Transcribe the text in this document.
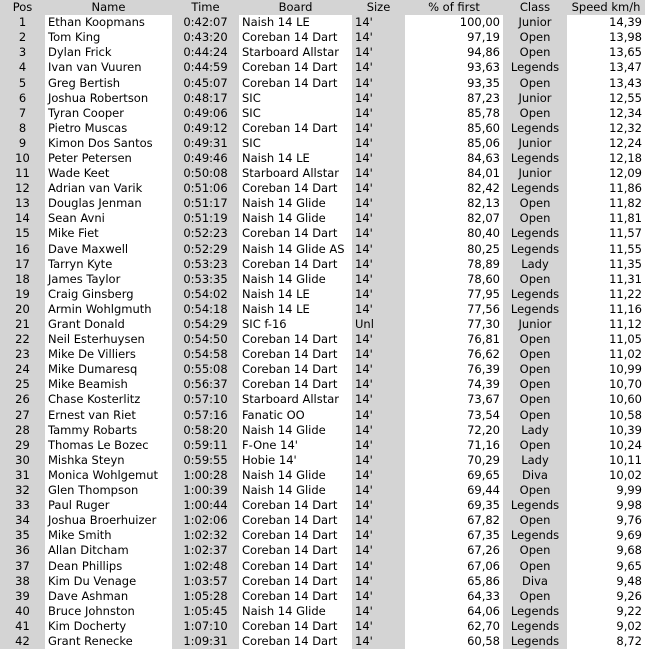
Pos	Name	Time	Board	Size	% of first	Class	Speed km/h
1	Ethan Koopmans	0:42:07	Naish 14 LE	14'	100,00	Junior	14,39
2	Tom King	0:43:20	Coreban 14 Dart	14'	97,19	Open	13,98
3	Dylan Frick	0:44:24	Starboard Allstar	14'	94,86	Open	13,65
4	Ivan van Vuuren	0:44:59	Coreban 14 Dart	14'	93,63	Legends	13,47
5	Greg Bertish	0:45:07	Coreban 14 Dart	14'	93,35	Open	13,43
6	Joshua Robertson	0:48:17	SIC	14'	87,23	Junior	12,55
7	Tyran Cooper	0:49:06	SIC	14'	85,78	Open	12,34
8	Pietro Muscas	0:49:12	Coreban 14 Dart	14'	85,60	Legends	12,32
9	Kimon Dos Santos	0:49:31	SIC	14'	85,06	Junior	12,24
10	Peter Petersen	0:49:46	Naish 14 LE	14'	84,63	Legends	12,18
11	Wade Keet	0:50:08	Starboard Allstar	14'	84,01	Junior	12,09
12	Adrian van Varik	0:51:06	Coreban 14 Dart	14'	82,42	Legends	11,86
13	Douglas Jenman	0:51:17	Naish 14 Glide	14'	82,13	Open	11,82
14	Sean Avni	0:51:19	Naish 14 Glide	14'	82,07	Open	11,81
15	Mike Fiet	0:52:23	Coreban 14 Dart	14'	80,40	Legends	11,57
16	Dave Maxwell	0:52:29	Naish 14 Glide AS	14'	80,25	Legends	11,55
17	Tarryn Kyte	0:53:23	Coreban 14 Dart	14'	78,89	Lady	11,35
18	James Taylor	0:53:35	Naish 14 Glide	14'	78,60	Open	11,31
19	Craig Ginsberg	0:54:02	Naish 14 LE	14'	77,95	Legends	11,22
20	Armin Wohlgmuth	0:54:18	Naish 14 LE	14'	77,56	Legends	11,16
21	Grant Donald	0:54:29	SIC f-16	Unl	77,30	Junior	11,12
22	Neil Esterhuysen	0:54:50	Coreban 14 Dart	14'	76,81	Open	11,05
23	Mike De Villiers	0:54:58	Coreban 14 Dart	14'	76,62	Open	11,02
24	Mike Dumaresq	0:55:08	Coreban 14 Dart	14'	76,39	Open	10,99
25	Mike Beamish	0:56:37	Coreban 14 Dart	14'	74,39	Open	10,70
26	Chase Kosterlitz	0:57:10	Starboard Allstar	14'	73,67	Open	10,60
27	Ernest van Riet	0:57:16	Fanatic OO	14'	73,54	Open	10,58
28	Tammy Robarts	0:58:20	Naish 14 Glide	14'	72,20	Lady	10,39
29	Thomas Le Bozec	0:59:11	F-One 14'	14'	71,16	Open	10,24
30	Mishka Steyn	0:59:55	Hobie 14'	14'	70,29	Lady	10,11
31	Monica Wohlgemut	1:00:28	Naish 14 Glide	14'	69,65	Diva	10,02
32	Glen Thompson	1:00:39	Naish 14 Glide	14'	69,44	Open	9,99
33	Paul Ruger	1:00:44	Coreban 14 Dart	14'	69,35	Legends	9,98
34	Joshua Broerhuizer	1:02:06	Coreban 14 Dart	14'	67,82	Open	9,76
35	Mike Smith	1:02:32	Coreban 14 Dart	14'	67,35	Legends	9,69
36	Allan Ditcham	1:02:37	Coreban 14 Dart	14'	67,26	Open	9,68
37	Dean Phillips	1:02:48	Coreban 14 Dart	14'	67,06	Open	9,65
38	Kim Du Venage	1:03:57	Coreban 14 Dart	14'	65,86	Diva	9,48
39	Dave Ashman	1:05:28	Coreban 14 Dart	14'	64,33	Open	9,26
40	Bruce Johnston	1:05:45	Naish 14 Glide	14'	64,06	Legends	9,22
41	Kim Docherty	1:07:10	Coreban 14 Dart	14'	62,70	Legends	9,02
42	Grant Renecke	1:09:31	Coreban 14 Dart	14'	60,58	Legends	8,72
